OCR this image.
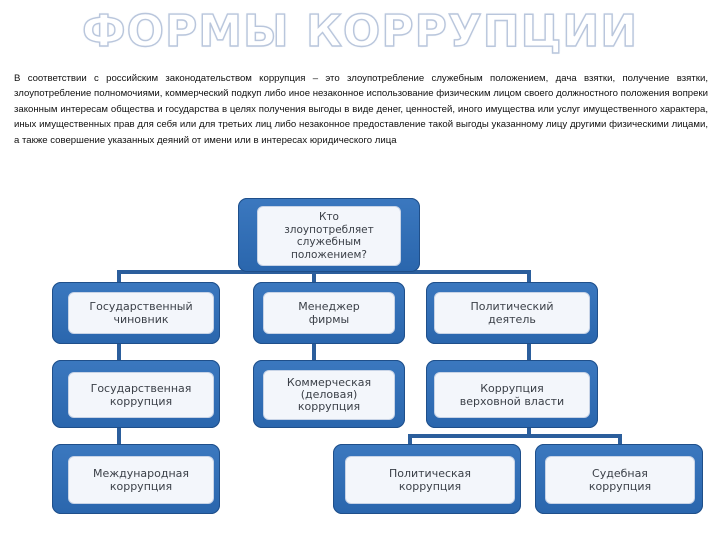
ФОРМЫ КОРРУПЦИИ

В соответствии с российским законодательством коррупция – это злоупотребление служебным положением, дача взятки, получение взятки, злоупотребление полномочиями, коммерческий подкуп либо иное незаконное использование физическим лицом своего должностного положения вопреки законным интересам общества и государства в целях получения выгоды в виде денег, ценностей, иного имущества или услуг имущественного характера, иных имущественных прав для себя или для третьих лиц либо незаконное предоставление такой выгоды указанному лицу другими физическими лицами, а также совершение указанных деяний от имени или в интересах юридического лица

Кто
злоупотребляет
служебным
положением?
Государственный
чиновник
Менеджер
фирмы
Политический
деятель
Государственная
коррупция
Коммерческая
(деловая)
коррупция
Коррупция
верховной власти
Международная
коррупция
Политическая
коррупция
Судебная
коррупция
